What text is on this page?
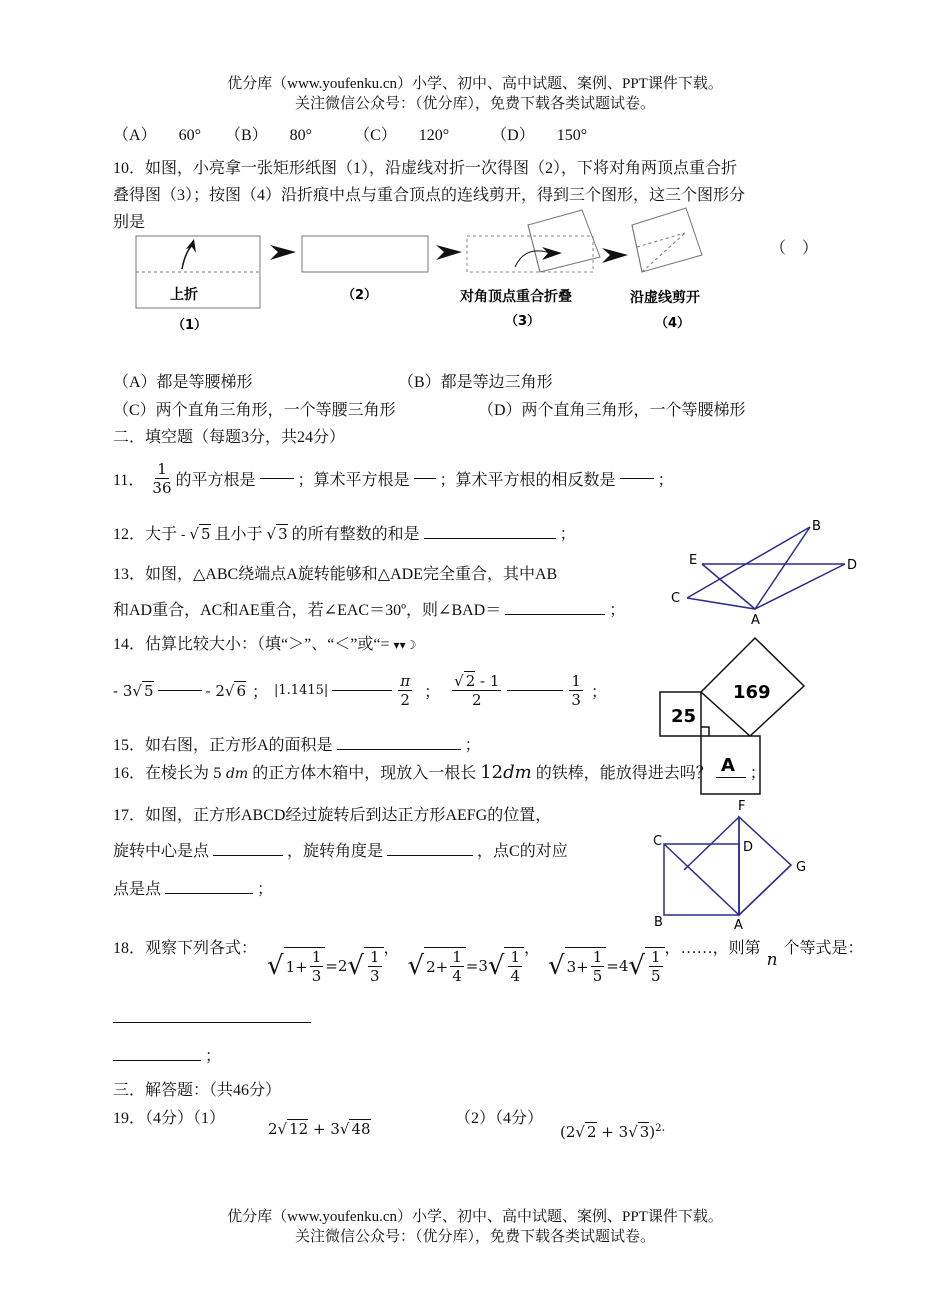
优分库（www.youfenku.cn）小学、初中、高中试题、案例、PPT课件下载。
关注微信公众号：（优分库），免费下载各类试题试卷。
（A） 60° （B） 80°	（C） 120°	（D） 150°
10．如图，小亮拿一张矩形纸图（1），沿虚线对折一次得图（2），下将对角两顶点重合折
叠得图（3）；按图（4）沿折痕中点与重合顶点的连线剪开，得到三个图形，这三个图形分
别是
（　）
上折
（1）
（2）	对角顶点重合折叠
（3）
沿虚线剪开
（4）
（A）都是等腰梯形	（B）都是等边三角形
（C）两个直角三角形，一个等腰三角形	（D）两个直角三角形，一个等腰梯形
二．填空题（每题3分，共24分）
11． $\frac{1}{36}$ 的平方根是	；算术平方根是 ；算术平方根的相反数是	；
12．大于 - √ 5 且小于 √ 3 的所有整数的和是	；
13．如图，△ABC绕端点A旋转能够和△ADE完全重合，其中AB
和AD重合，AC和AE重合，若∠EAC＝30º，则∠BAD＝	；
B
E	D
C
A
14．估算比较大小：（填“＞”、“＜”或“= ▾▾☽
- 3 √ 5	- 2 √ 6 ； |1.1415|	$\frac{\pi}{2}$ ； $\frac{√ 2 - 1}{2}$	$\frac{1}{3}$ ；	169
25
A
15．如右图，正方形A的面积是	；
16．在棱长为 5 dm 的正方体木箱中，现放入一根长 12dm 的铁棒，能放得进去吗？ ；
17．如图，正方形ABCD经过旋转后到达正方形AEFG的位置，
旋转中心是点	，旋转角度是	，点C的对应
点是点	；
F
C	D
G
B	A
18．观察下列各式：
√ $1+ \frac{1}{3} =2$ √ $\frac{1}{3}$ ，
√ $2+ \frac{1}{4} =3$ √ $\frac{1}{4}$ ，
√ $3+ \frac{1}{5} =4$ √ $\frac{1}{5}$ ， ……，则第
n
个等式是：
；
三．解答题：（共46分）
19．（4分）（1）
2√ 12 + 3√ 48
（2）（4分）
(2√ 2 + 3√ 3)$^{2.}$
优分库（www.youfenku.cn）小学、初中、高中试题、案例、PPT课件下载。
关注微信公众号：（优分库），免费下载各类试题试卷。
